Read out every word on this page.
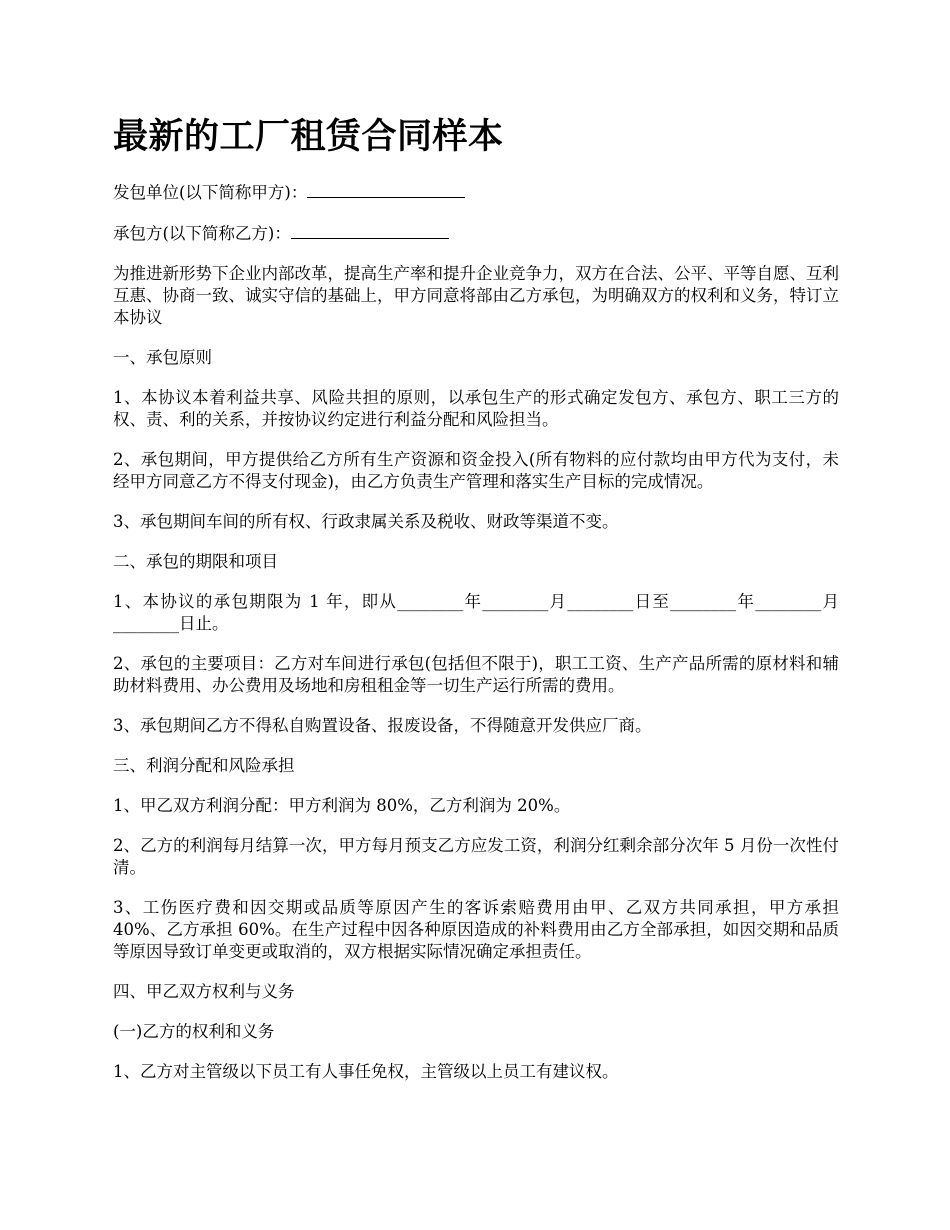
最新的工厂租赁合同样本

发包单位(以下简称甲方)：

承包方(以下简称乙方)：

为推进新形势下企业内部改革，提高生产率和提升企业竞争力，双方在合法、公平、平等自愿、互利互惠、协商一致、诚实守信的基础上，甲方同意将部由乙方承包，为明确双方的权利和义务，特订立本协议

一、承包原则

1、本协议本着利益共享、风险共担的原则，以承包生产的形式确定发包方、承包方、职工三方的权、责、利的关系，并按协议约定进行利益分配和风险担当。

2、承包期间，甲方提供给乙方所有生产资源和资金投入(所有物料的应付款均由甲方代为支付，未经甲方同意乙方不得支付现金)，由乙方负责生产管理和落实生产目标的完成情况。

3、承包期间车间的所有权、行政隶属关系及税收、财政等渠道不变。

二、承包的期限和项目

1、本协议的承包期限为 1 年，即从________年________月________日至________年________月________日止。

2、承包的主要项目：乙方对车间进行承包(包括但不限于)，职工工资、生产产品所需的原材料和辅助材料费用、办公费用及场地和房租租金等一切生产运行所需的费用。

3、承包期间乙方不得私自购置设备、报废设备，不得随意开发供应厂商。

三、利润分配和风险承担

1、甲乙双方利润分配：甲方利润为 80%，乙方利润为 20%。

2、乙方的利润每月结算一次，甲方每月预支乙方应发工资，利润分红剩余部分次年 5 月份一次性付清。

3、工伤医疗费和因交期或品质等原因产生的客诉索赔费用由甲、乙双方共同承担，甲方承担 40%、乙方承担 60%。在生产过程中因各种原因造成的补料费用由乙方全部承担，如因交期和品质等原因导致订单变更或取消的，双方根据实际情况确定承担责任。

四、甲乙双方权利与义务

(一)乙方的权利和义务

1、乙方对主管级以下员工有人事任免权，主管级以上员工有建议权。
